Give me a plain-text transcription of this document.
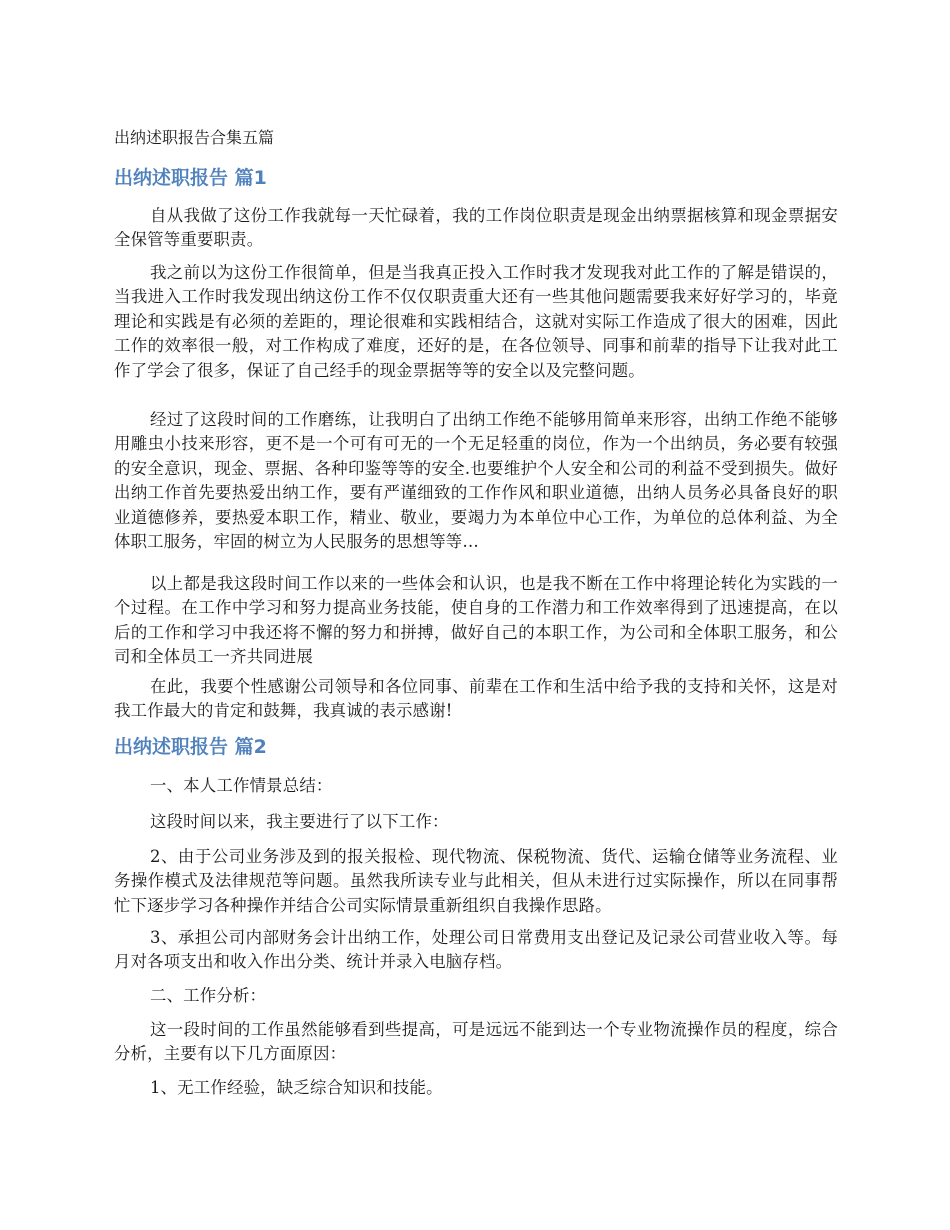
出纳述职报告合集五篇

出纳述职报告 篇1

自从我做了这份工作我就每一天忙碌着，我的工作岗位职责是现金出纳票据核算和现金票据安全保管等重要职责。

我之前以为这份工作很简单，但是当我真正投入工作时我才发现我对此工作的了解是错误的，当我进入工作时我发现出纳这份工作不仅仅职责重大还有一些其他问题需要我来好好学习的，毕竟理论和实践是有必须的差距的，理论很难和实践相结合，这就对实际工作造成了很大的困难，因此工作的效率很一般，对工作构成了难度，还好的是，在各位领导、同事和前辈的指导下让我对此工作了学会了很多，保证了自己经手的现金票据等等的安全以及完整问题。

经过了这段时间的工作磨练，让我明白了出纳工作绝不能够用简单来形容，出纳工作绝不能够用雕虫小技来形容，更不是一个可有可无的一个无足轻重的岗位，作为一个出纳员，务必要有较强的安全意识，现金、票据、各种印鉴等等的安全.也要维护个人安全和公司的利益不受到损失。做好出纳工作首先要热爱出纳工作，要有严谨细致的工作作风和职业道德，出纳人员务必具备良好的职业道德修养，要热爱本职工作，精业、敬业，要竭力为本单位中心工作，为单位的总体利益、为全体职工服务，牢固的树立为人民服务的思想等等…

以上都是我这段时间工作以来的一些体会和认识，也是我不断在工作中将理论转化为实践的一个过程。在工作中学习和努力提高业务技能，使自身的工作潜力和工作效率得到了迅速提高，在以后的工作和学习中我还将不懈的努力和拼搏，做好自己的本职工作，为公司和全体职工服务，和公司和全体员工一齐共同进展

在此，我要个性感谢公司领导和各位同事、前辈在工作和生活中给予我的支持和关怀，这是对我工作最大的肯定和鼓舞，我真诚的表示感谢!

出纳述职报告 篇2

一、本人工作情景总结：

这段时间以来，我主要进行了以下工作：

2、由于公司业务涉及到的报关报检、现代物流、保税物流、货代、运输仓储等业务流程、业务操作模式及法律规范等问题。虽然我所读专业与此相关，但从未进行过实际操作，所以在同事帮忙下逐步学习各种操作并结合公司实际情景重新组织自我操作思路。

3、承担公司内部财务会计出纳工作，处理公司日常费用支出登记及记录公司营业收入等。每月对各项支出和收入作出分类、统计并录入电脑存档。

二、工作分析：

这一段时间的工作虽然能够看到些提高，可是远远不能到达一个专业物流操作员的程度，综合分析，主要有以下几方面原因：

1、无工作经验，缺乏综合知识和技能。
